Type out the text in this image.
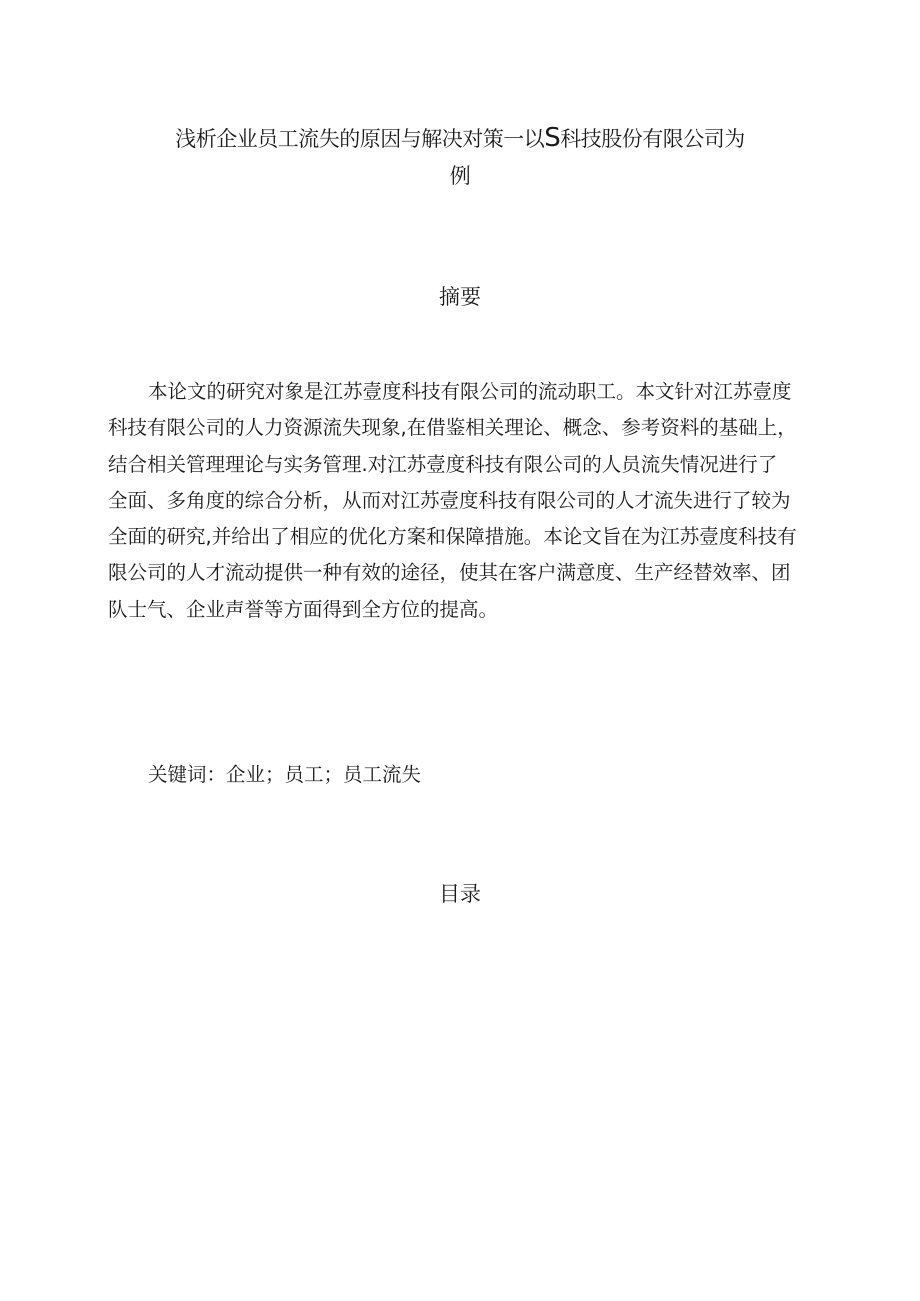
浅析企业员工流失的原因与解决对策一以S科技股份有限公司为
例
摘要
本论文的研究对象是江苏壹度科技有限公司的流动职工。本文针对江苏壹度
科技有限公司的人力资源流失现象,在借鉴相关理论、概念、参考资料的基础上，
结合相关管理理论与实务管理.对江苏壹度科技有限公司的人员流失情况进行了
全面、多角度的综合分析，从而对江苏壹度科技有限公司的人才流失进行了较为
全面的研究,并给出了相应的优化方案和保障措施。本论文旨在为江苏壹度科技有
限公司的人才流动提供一种有效的途径，使其在客户满意度、生产经替效率、团
队士气、企业声誉等方面得到全方位的提高。
关键词：企业；员工；员工流失
目录
